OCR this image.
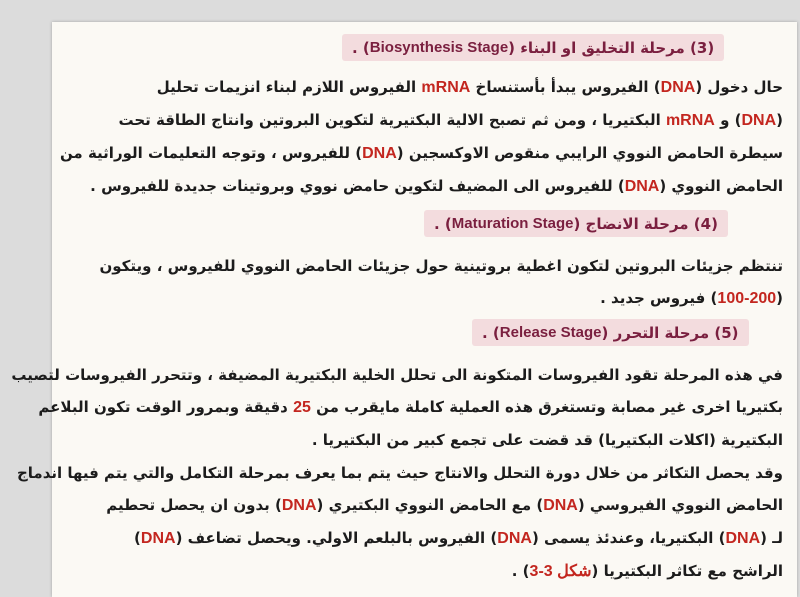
(3) مرحلة التخليق او البناء (
Biosynthesis Stage
) .
حال دخول (DNA) الفيروس يبدأ بأستنساخ mRNA الفيروس اللازم لبناء انزيمات تحليل
(DNA) و mRNA البكتيريا ، ومن ثم تصبح الالية البكتيرية لتكوين البروتين وانتاج الطاقة تحت
سيطرة الحامض النووي الرايبي منقوص الاوكسجين (DNA) للفيروس ، وتوجه التعليمات الوراثية من
الحامض النووي (DNA) للفيروس الى المضيف لتكوين حامض نووي وبروتينات جديدة للفيروس .
(4) مرحلة الانضاج (
Maturation Stage
) .
تنتظم جزيئات البروتين لتكون اغطية بروتينية حول جزيئات الحامض النووي للفيروس ، ويتكون
(100-200) فيروس جديد .
(5) مرحلة التحرر (
Release Stage
) .
في هذه المرحلة تقود الفيروسات المتكونة الى تحلل الخلية البكتيرية المضيفة ، وتتحرر الفيروسات لتصيب
بكتيريا اخرى غير مصابة وتستغرق هذه العملية كاملة مايقرب من 25 دقيقة وبمرور الوقت تكون البلاعم
البكتيرية (اكلات البكتيريا) قد قضت على تجمع كبير من البكتيريا .
وقد يحصل التكاثر من خلال دورة التحلل والانتاج حيث يتم بما يعرف بمرحلة التكامل والتي يتم فيها اندماج
الحامض النووي الفيروسي (DNA) مع الحامض النووي البكتيري (DNA) بدون ان يحصل تحطيم
لـ (DNA) البكتيريا، وعندئذ يسمى (DNA) الفيروس بالبلعم الاولي. ويحصل تضاعف (DNA)
الراشح مع تكاثر البكتيريا (شكل 3-3) .
